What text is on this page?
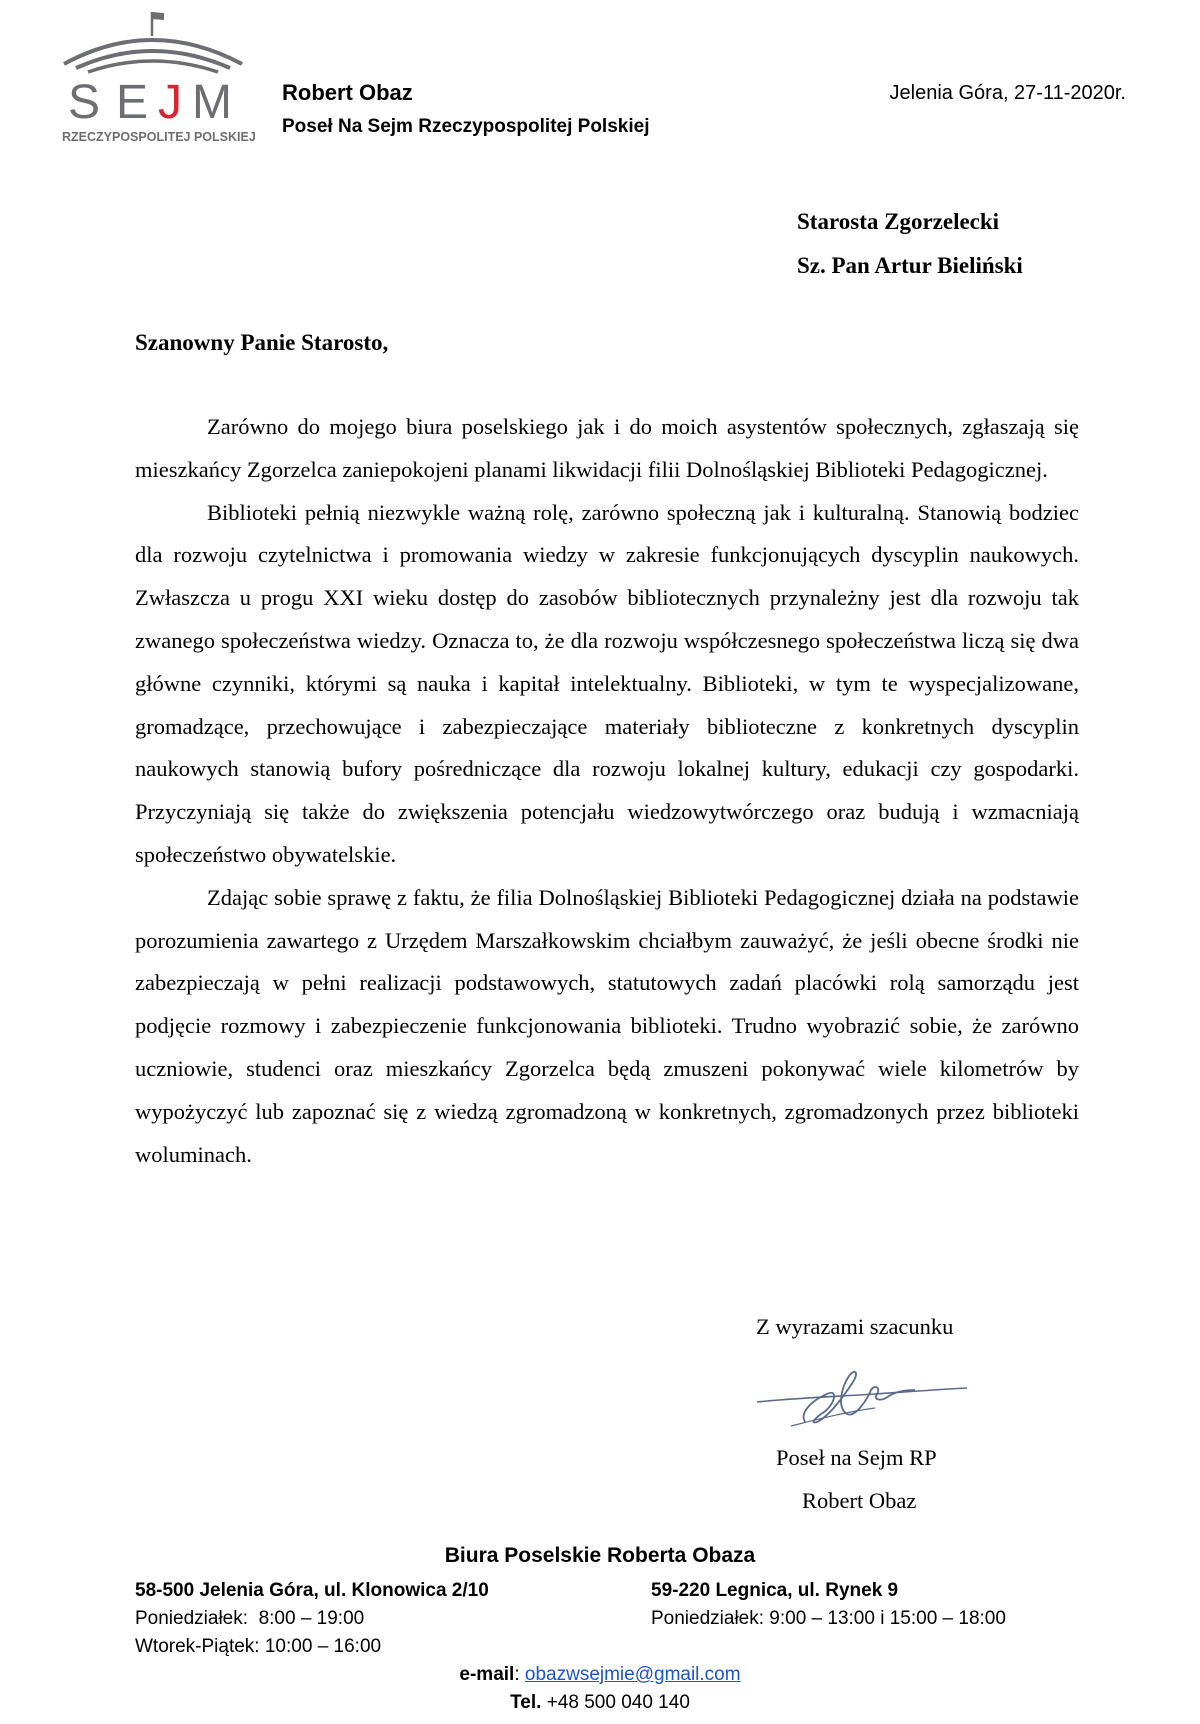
S E J M
RZECZYPOSPOLITEJ POLSKIEJ
Robert Obaz
Poseł Na Sejm Rzeczypospolitej Polskiej
Jelenia Góra, 27-11-2020r.
Starosta Zgorzelecki
Sz. Pan Artur Bieliński
Szanowny Panie Starosto,

Zarówno do mojego biura poselskiego jak i do moich asystentów społecznych, zgłaszają się mieszkańcy Zgorzelca zaniepokojeni planami likwidacji filii Dolnośląskiej Biblioteki Pedagogicznej.

Biblioteki pełnią niezwykle ważną rolę, zarówno społeczną jak i kulturalną. Stanowią bodziec dla rozwoju czytelnictwa i promowania wiedzy w zakresie funkcjonujących dyscyplin naukowych. Zwłaszcza u progu XXI wieku dostęp do zasobów bibliotecznych przynależny jest dla rozwoju tak zwanego społeczeństwa wiedzy. Oznacza to, że dla rozwoju współczesnego społeczeństwa liczą się dwa główne czynniki, którymi są nauka i kapitał intelektualny. Biblioteki, w tym te wyspecjalizowane, gromadzące, przechowujące i zabezpieczające materiały biblioteczne z konkretnych dyscyplin naukowych stanowią bufory pośredniczące dla rozwoju lokalnej kultury, edukacji czy gospodarki. Przyczyniają się także do zwiększenia potencjału wiedzowytwórczego oraz budują i wzmacniają społeczeństwo obywatelskie.

Zdając sobie sprawę z faktu, że filia Dolnośląskiej Biblioteki Pedagogicznej działa na podstawie porozumienia zawartego z Urzędem Marszałkowskim chciałbym zauważyć, że jeśli obecne środki nie zabezpieczają w pełni realizacji podstawowych, statutowych zadań placówki rolą samorządu jest podjęcie rozmowy i zabezpieczenie funkcjonowania biblioteki. Trudno wyobrazić sobie, że zarówno uczniowie, studenci oraz mieszkańcy Zgorzelca będą zmuszeni pokonywać wiele kilometrów by wypożyczyć lub zapoznać się z wiedzą zgromadzoną w konkretnych, zgromadzonych przez biblioteki woluminach.

Z wyrazami szacunku
Poseł na Sejm RP
Robert Obaz
Biura Poselskie Roberta Obaza
58-500 Jelenia Góra, ul. Klonowica 2/10
Poniedziałek:  8:00 – 19:00
Wtorek-Piątek: 10:00 – 16:00
59-220 Legnica, ul. Rynek 9
Poniedziałek: 9:00 – 13:00 i 15:00 – 18:00
e-mail: obazwsejmie@gmail.com
Tel. +48 500 040 140
